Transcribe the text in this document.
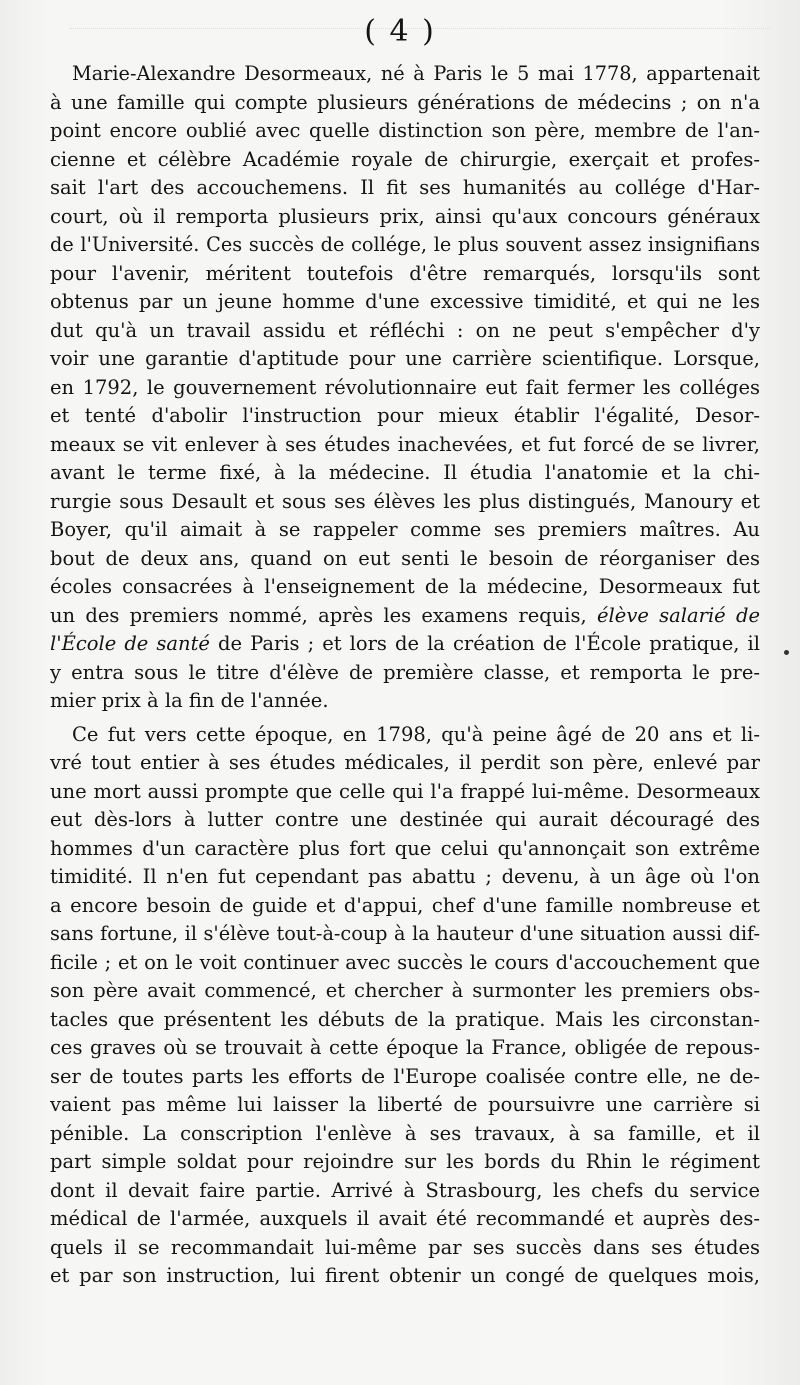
( 4 )
Marie-Alexandre Desormeaux, né à Paris le 5 mai 1778, appartenait
à une famille qui compte plusieurs générations de médecins ; on n'a
point encore oublié avec quelle distinction son père, membre de l'an-
cienne et célèbre Académie royale de chirurgie, exerçait et profes-
sait l'art des accouchemens. Il fit ses humanités au collége d'Har-
court, où il remporta plusieurs prix, ainsi qu'aux concours généraux
de l'Université. Ces succès de collége, le plus souvent assez insignifians
pour l'avenir, méritent toutefois d'être remarqués, lorsqu'ils sont
obtenus par un jeune homme d'une excessive timidité, et qui ne les
dut qu'à un travail assidu et réfléchi : on ne peut s'empêcher d'y
voir une garantie d'aptitude pour une carrière scientifique. Lorsque,
en 1792, le gouvernement révolutionnaire eut fait fermer les colléges
et tenté d'abolir l'instruction pour mieux établir l'égalité, Desor-
meaux se vit enlever à ses études inachevées, et fut forcé de se livrer,
avant le terme fixé, à la médecine. Il étudia l'anatomie et la chi-
rurgie sous Desault et sous ses élèves les plus distingués, Manoury et
Boyer, qu'il aimait à se rappeler comme ses premiers maîtres. Au
bout de deux ans, quand on eut senti le besoin de réorganiser des
écoles consacrées à l'enseignement de la médecine, Desormeaux fut
un des premiers nommé, après les examens requis, élève salarié de
l'École de santé de Paris ; et lors de la création de l'École pratique, il
y entra sous le titre d'élève de première classe, et remporta le pre-
mier prix à la fin de l'année.
Ce fut vers cette époque, en 1798, qu'à peine âgé de 20 ans et li-
vré tout entier à ses études médicales, il perdit son père, enlevé par
une mort aussi prompte que celle qui l'a frappé lui-même. Desormeaux
eut dès-lors à lutter contre une destinée qui aurait découragé des
hommes d'un caractère plus fort que celui qu'annonçait son extrême
timidité. Il n'en fut cependant pas abattu ; devenu, à un âge où l'on
a encore besoin de guide et d'appui, chef d'une famille nombreuse et
sans fortune, il s'élève tout-à-coup à la hauteur d'une situation aussi dif-
ficile ; et on le voit continuer avec succès le cours d'accouchement que
son père avait commencé, et chercher à surmonter les premiers obs-
tacles que présentent les débuts de la pratique. Mais les circonstan-
ces graves où se trouvait à cette époque la France, obligée de repous-
ser de toutes parts les efforts de l'Europe coalisée contre elle, ne de-
vaient pas même lui laisser la liberté de poursuivre une carrière si
pénible. La conscription l'enlève à ses travaux, à sa famille, et il
part simple soldat pour rejoindre sur les bords du Rhin le régiment
dont il devait faire partie. Arrivé à Strasbourg, les chefs du service
médical de l'armée, auxquels il avait été recommandé et auprès des-
quels il se recommandait lui-même par ses succès dans ses études
et par son instruction, lui firent obtenir un congé de quelques mois,
